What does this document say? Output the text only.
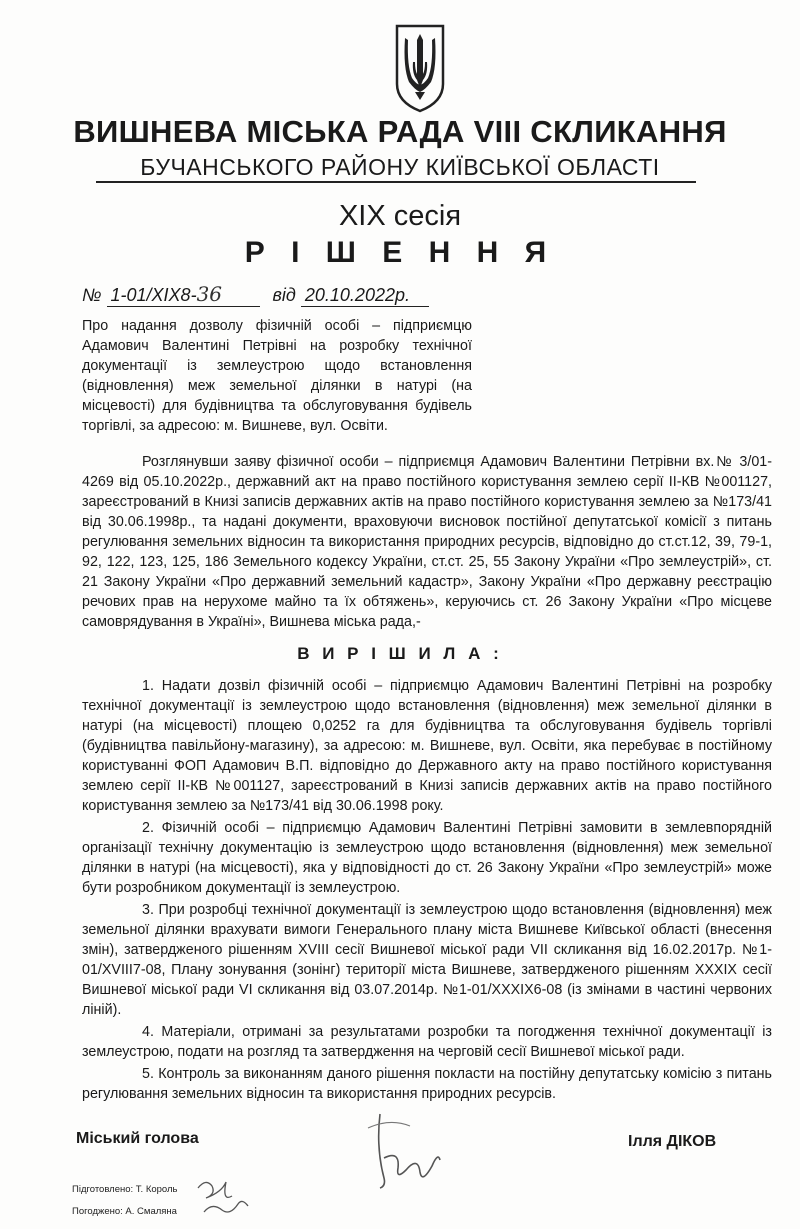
ВИШНЕВА МІСЬКА РАДА VIII СКЛИКАННЯ
БУЧАНСЬКОГО РАЙОНУ КИЇВСЬКОЇ ОБЛАСТІ
XIX сесія
Р І Ш Е Н Н Я
№ 1-01/XIX8-36	від 20.10.2022р.

Про надання дозволу фізичній особі – підприємцю Адамович Валентині Петрівні на розробку технічної документації із землеустрою щодо встановлення (відновлення) меж земельної ділянки в натурі (на місцевості) для будівництва та обслуговування будівель торгівлі, за адресою: м. Вишневе, вул. Освіти.

Розглянувши заяву фізичної особи – підприємця Адамович Валентини Петрівни вх.№ 3/01-4269 від 05.10.2022р., державний акт на право постійного користування землею серії ІІ-КВ №001127, зареєстрований в Книзі записів державних актів на право постійного користування землею за №173/41 від 30.06.1998р., та надані документи, враховуючи висновок постійної депутатської комісії з питань регулювання земельних відносин та використання природних ресурсів, відповідно до ст.ст.12, 39, 79-1, 92, 122, 123, 125, 186 Земельного кодексу України, ст.ст. 25, 55 Закону України «Про землеустрій», ст. 21 Закону України «Про державний земельний кадастр», Закону України «Про державну реєстрацію речових прав на нерухоме майно та їх обтяжень», керуючись ст. 26 Закону України «Про місцеве самоврядування в Україні», Вишнева міська рада,-

В И Р І Ш И Л А :

1. Надати дозвіл фізичній особі – підприємцю Адамович Валентині Петрівні на розробку технічної документації із землеустрою щодо встановлення (відновлення) меж земельної ділянки в натурі (на місцевості) площею 0,0252 га для будівництва та обслуговування будівель торгівлі (будівництва павільйону-магазину), за адресою: м. Вишневе, вул. Освіти, яка перебуває в постійному користуванні ФОП Адамович В.П. відповідно до Державного акту на право постійного користування землею серії ІІ-КВ №001127, зареєстрований в Книзі записів державних актів на право постійного користування землею за №173/41 від 30.06.1998 року.

2. Фізичній особі – підприємцю Адамович Валентині Петрівні замовити в землевпорядній організації технічну документацію із землеустрою щодо встановлення (відновлення) меж земельної ділянки в натурі (на місцевості), яка у відповідності до ст. 26 Закону України «Про землеустрій» може бути розробником документації із землеустрою.

3. При розробці технічної документації із землеустрою щодо встановлення (відновлення) меж земельної ділянки врахувати вимоги Генерального плану міста Вишневе Київської області (внесення змін), затвердженого рішенням XVIII сесії Вишневої міської ради VII скликання від 16.02.2017р. №1-01/XVIII7-08, Плану зонування (зонінг) території міста Вишневе, затвердженого рішенням XXXIX сесії Вишневої міської ради VI скликання від 03.07.2014р. №1-01/XXXIX6-08 (із змінами в частині червоних ліній).

4. Матеріали, отримані за результатами розробки та погодження технічної документації із землеустрою, подати на розгляд та затвердження на черговій сесії Вишневої міської ради.

5. Контроль за виконанням даного рішення покласти на постійну депутатську комісію з питань регулювання земельних відносин та використання природних ресурсів.

Міський голова	Ілля ДІКОВ
Підготовлено: Т. Король
Погоджено: А. Смаляна
